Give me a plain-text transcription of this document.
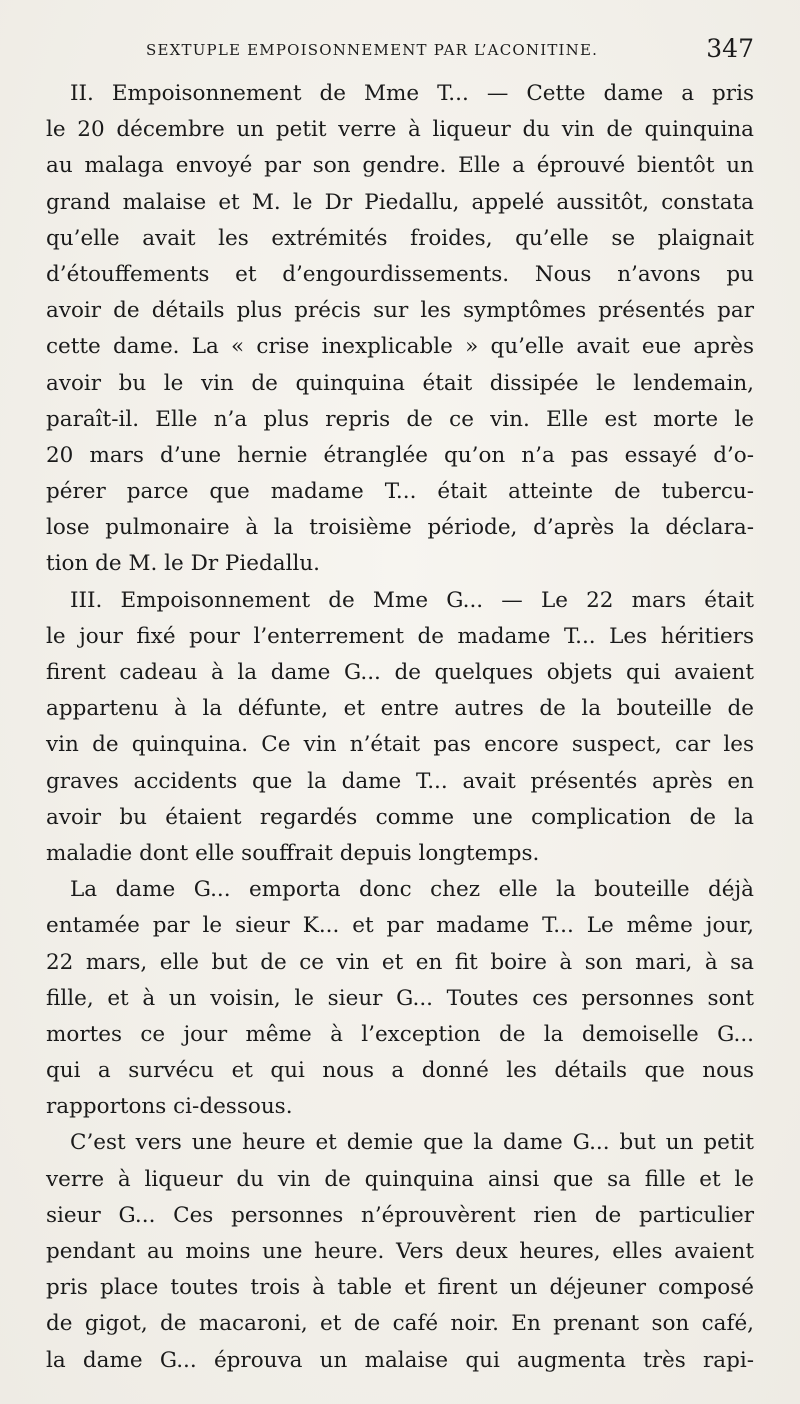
SEXTUPLE EMPOISONNEMENT PAR L’ACONITINE.	347
II. Empoisonnement de Mme T... — Cette dame a pris
le 20 décembre un petit verre à liqueur du vin de quinquina
au malaga envoyé par son gendre. Elle a éprouvé bientôt un
grand malaise et M. le Dr Piedallu, appelé aussitôt, constata
qu’elle avait les extrémités froides, qu’elle se plaignait
d’étouffements et d’engourdissements. Nous n’avons pu
avoir de détails plus précis sur les symptômes présentés par
cette dame. La « crise inexplicable » qu’elle avait eue après
avoir bu le vin de quinquina était dissipée le lendemain,
paraît-il. Elle n’a plus repris de ce vin. Elle est morte le
20 mars d’une hernie étranglée qu’on n’a pas essayé d’o-
pérer parce que madame T... était atteinte de tubercu-
lose pulmonaire à la troisième période, d’après la déclara-
tion de M. le Dr Piedallu.
III. Empoisonnement de Mme G... — Le 22 mars était
le jour fixé pour l’enterrement de madame T... Les héritiers
firent cadeau à la dame G... de quelques objets qui avaient
appartenu à la défunte, et entre autres de la bouteille de
vin de quinquina. Ce vin n’était pas encore suspect, car les
graves accidents que la dame T... avait présentés après en
avoir bu étaient regardés comme une complication de la
maladie dont elle souffrait depuis longtemps.
La dame G... emporta donc chez elle la bouteille déjà
entamée par le sieur K... et par madame T... Le même jour,
22 mars, elle but de ce vin et en fit boire à son mari, à sa
fille, et à un voisin, le sieur G... Toutes ces personnes sont
mortes ce jour même à l’exception de la demoiselle G...
qui a survécu et qui nous a donné les détails que nous
rapportons ci-dessous.
C’est vers une heure et demie que la dame G... but un petit
verre à liqueur du vin de quinquina ainsi que sa fille et le
sieur G... Ces personnes n’éprouvèrent rien de particulier
pendant au moins une heure. Vers deux heures, elles avaient
pris place toutes trois à table et firent un déjeuner composé
de gigot, de macaroni, et de café noir. En prenant son café,
la dame G... éprouva un malaise qui augmenta très rapi-
